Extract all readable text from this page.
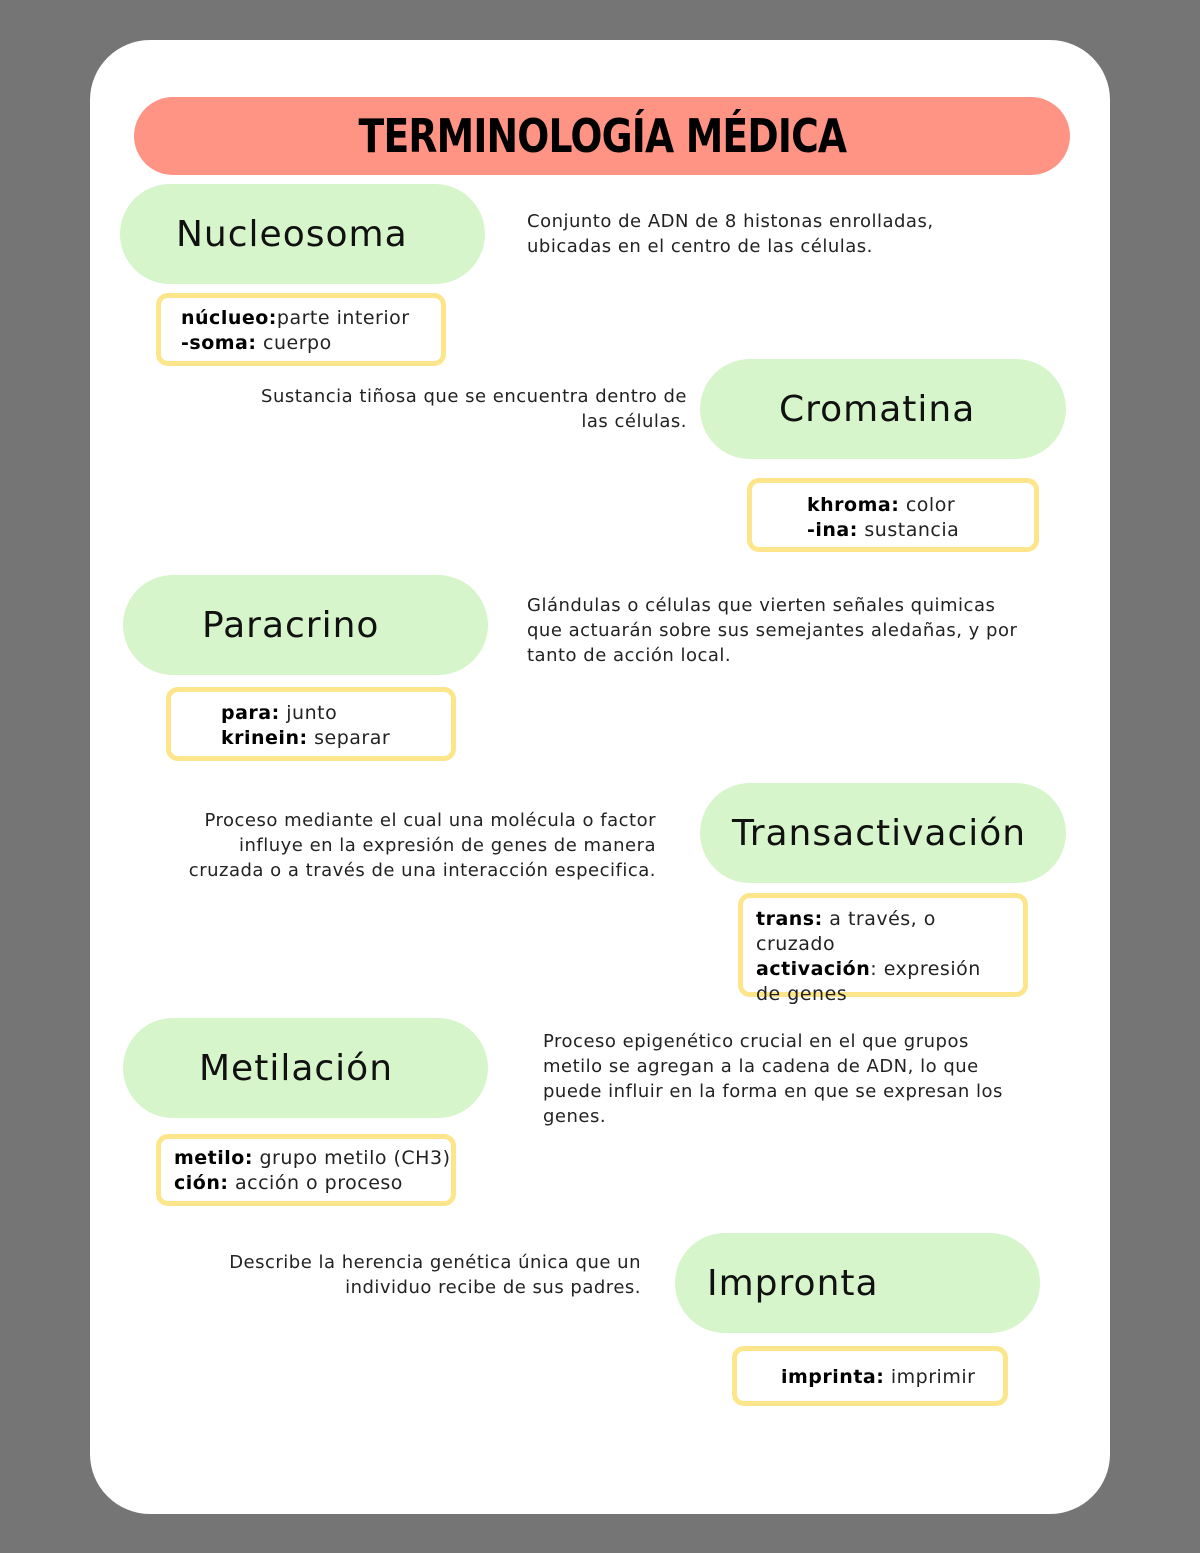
TERMINOLOGÍA MÉDICA
Nucleosoma	Conjunto de ADN de 8 histonas enrolladas, ubicadas en el centro de las células.
núclueo:parte interior
-soma: cuerpo
Sustancia tiñosa que se encuentra dentro de las células.	Cromatina
khroma: color
-ina: sustancia
Paracrino	Glándulas o células que vierten señales quimicas que actuarán sobre sus semejantes aledañas, y por tanto de acción local.
para: junto
krinein: separar
Proceso mediante el cual una molécula o factor influye en la expresión de genes de manera cruzada o a través de una interacción especifica.
Transactivación
trans: a través, o cruzado
activación: expresión de genes
Metilación
Proceso epigenético crucial en el que grupos metilo se agregan a la cadena de ADN, lo que puede influir en la forma en que se expresan los genes.
metilo: grupo metilo (CH3)
ción: acción o proceso
Describe la herencia genética única que un individuo recibe de sus padres. Impronta
imprinta: imprimir
